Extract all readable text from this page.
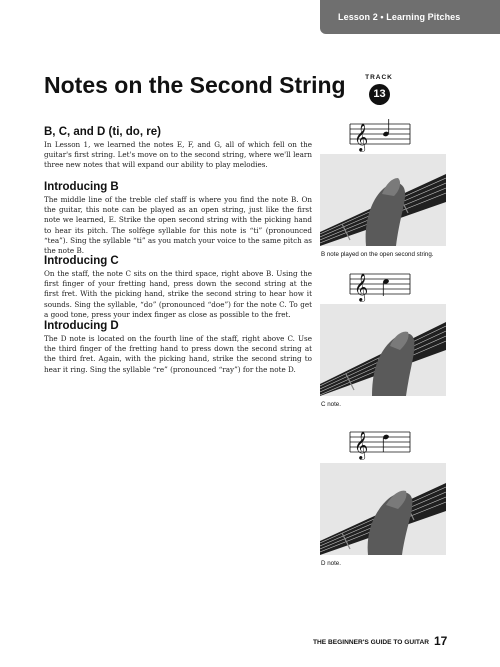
Lesson 2 • Learning Pitches
Notes on the Second String	TRACK
13
B, C, and D (ti, do, re)

In Lesson 1, we learned the notes E, F, and G, all of which fell on the guitar's first string. Let's move on to the second string, where we'll learn three new notes that will expand our ability to play melodies.

Introducing B

The middle line of the treble clef staff is where you find the note B. On the guitar, this note can be played as an open string, just like the first note we learned, E. Strike the open second string with the picking hand to hear its pitch. The solfège syllable for this note is “ti” (pronounced “tea”). Sing the syllable “ti” as you match your voice to the same pitch as the note B.

Introducing C

On the staff, the note C sits on the third space, right above B. Using the first finger of your fretting hand, press down the second string at the first fret. With the picking hand, strike the second string to hear how it sounds. Sing the syllable, “do” (pronounced “doe”) for the note C. To get a good tone, press your index finger as close as possible to the fret.

Introducing D

The D note is located on the fourth line of the staff, right above C. Use the third finger of the fretting hand to press down the second string at the third fret. Again, with the picking hand, strike the second string to hear it ring. Sing the syllable “re” (pronounced “ray”) for the note D.

𝄞

B note played on the open second string.

𝄞

C note.

𝄞

D note.

THE BEGINNER'S GUIDE TO GUITAR 17
